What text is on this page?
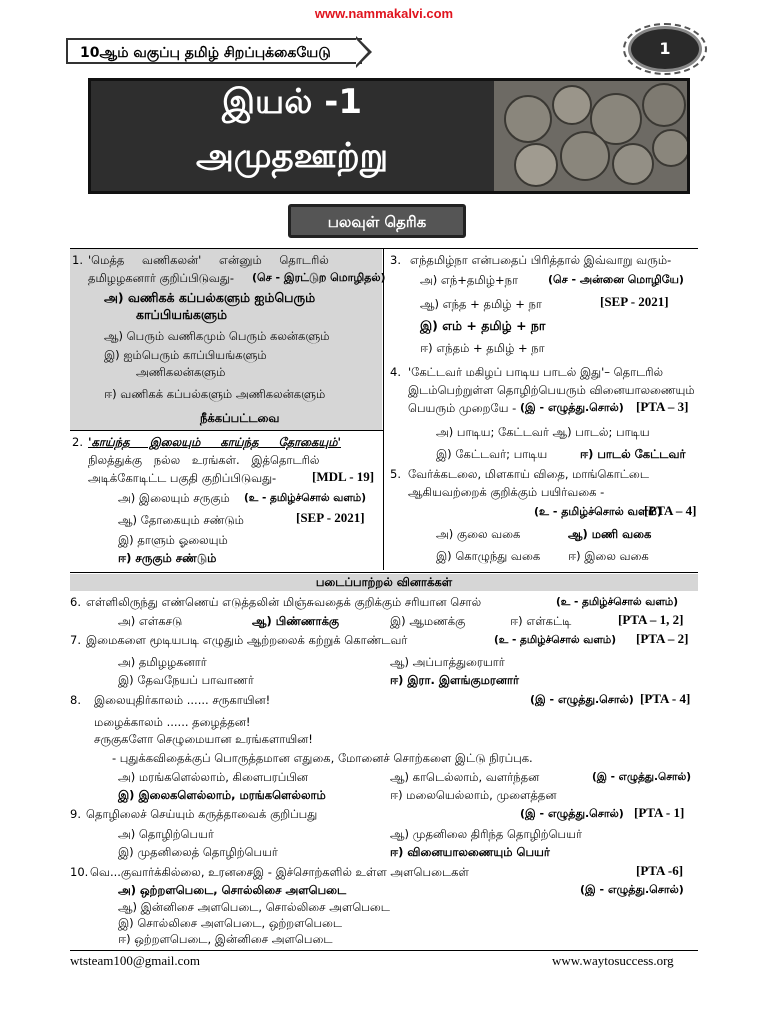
www.nammakalvi.com
10ஆம் வகுப்பு தமிழ் சிறப்புக்கையேடு	1
இயல் -1
அமுதஊற்று
பலவுள் தெரிக
1. 'மெத்த வணிகலன்' என்னும் தொடரில்
தமிழழகனார் குறிப்பிடுவது- (செ - இரட்டுற மொழிதல்)
அ) வணிகக் கப்பல்களும் ஐம்பெரும்
காப்பியங்களும்
ஆ) பெரும் வணிகமும் பெரும் கலன்களும்
இ) ஐம்பெரும் காப்பியங்களும்
அணிகலன்களும்
ஈ) வணிகக் கப்பல்களும் அணிகலன்களும்
நீக்கப்பட்டவை
2. 'காய்ந்த இலையும் காய்ந்த தோகையும்'
நிலத்துக்கு நல்ல உரங்கள். இத்தொடரில்
அடிக்கோடிட்ட பகுதி குறிப்பிடுவது-	[MDL - 19]
அ) இலையும் சருகும் (உ - தமிழ்ச்சொல் வளம்)
ஆ) தோகையும் சண்டும்	[SEP - 2021]
இ) தாளும் ஓலையும்
ஈ) சருகும் சண்டும்
3. எந்தமிழ்நா என்பதைப் பிரித்தால் இவ்வாறு வரும்-
அ) எந்+தமிழ்+நா	(செ - அன்னை மொழியே)
ஆ) எந்த + தமிழ் + நா	[SEP - 2021]
இ) எம் + தமிழ் + நா
ஈ) எந்தம் + தமிழ் + நா
4. 'கேட்டவர் மகிழப் பாடிய பாடல் இது'– தொடரில்
இடம்பெற்றுள்ள தொழிற்பெயரும் வினையாலணையும்
பெயரும் முறையே - (இ - எழுத்து.சொல்) [PTA – 3]
அ) பாடிய; கேட்டவர் ஆ) பாடல்; பாடிய
இ) கேட்டவர்; பாடிய	ஈ) பாடல் கேட்டவர்
5. வேர்க்கடலை, மிளகாய் விதை, மாங்கொட்டை
ஆகியவற்றைக் குறிக்கும் பயிர்வகை -
(உ - தமிழ்ச்சொல் வளம்)
[PTA – 4]
அ) குலை வகை	ஆ) மணி வகை
இ) கொழுந்து வகை ஈ) இலை வகை
படைப்பாற்றல் வினாக்கள்
6. எள்ளிலிருந்து எண்ணெய் எடுத்தலின் மிஞ்சுவதைக் குறிக்கும் சரியான சொல்	(உ - தமிழ்ச்சொல் வளம்)
அ) எள்கசடு	ஆ) பிண்ணாக்கு	இ) ஆமணக்கு	ஈ) எள்கட்டி	[PTA – 1, 2]
7. இமைகளை மூடியபடி எழுதும் ஆற்றலைக் கற்றுக் கொண்டவர்	(உ - தமிழ்ச்சொல் வளம்) [PTA – 2]
அ) தமிழழகனார்	ஆ) அப்பாத்துரையார்
இ) தேவநேயப் பாவாணர்	ஈ) இரா. இளங்குமரனார்
8. இலையுதிர்காலம் ...... சருகாயின!	(இ - எழுத்து.சொல்) [PTA - 4]
மழைக்காலம் ...... தழைத்தன!
சருகுகளோ செழுமையான உரங்களாயின!
- புதுக்கவிதைக்குப் பொருத்தமான எதுகை, மோனைச் சொற்களை இட்டு நிரப்புக.
அ) மரங்களெல்லாம், கிளைபரப்பின	ஆ) காடெல்லாம், வளர்ந்தன	(இ - எழுத்து.சொல்)
இ) இலைகளெல்லாம், மரங்களெல்லாம்	ஈ) மலையெல்லாம், முளைத்தன
9. தொழிலைச் செய்யும் கருத்தாவைக் குறிப்பது	(இ - எழுத்து.சொல்) [PTA - 1]
அ) தொழிற்பெயர்	ஆ) முதனிலை திரிந்த தொழிற்பெயர்
இ) முதனிலைத் தொழிற்பெயர்	ஈ) வினையாலணையும் பெயர்
10. வெ...குவார்க்கில்லை, உரனசைஇ - இச்சொற்களில் உள்ள அளபெடைகள்	[PTA -6]
அ) ஒற்றளபெடை, சொல்லிசை அளபெடை	(இ - எழுத்து.சொல்)
ஆ) இன்னிசை அளபெடை, சொல்லிசை அளபெடை
இ) சொல்லிசை அளபெடை, ஒற்றளபெடை
ஈ) ஒற்றளபெடை, இன்னிசை அளபெடை
wtsteam100@gmail.com	www.waytosuccess.org
